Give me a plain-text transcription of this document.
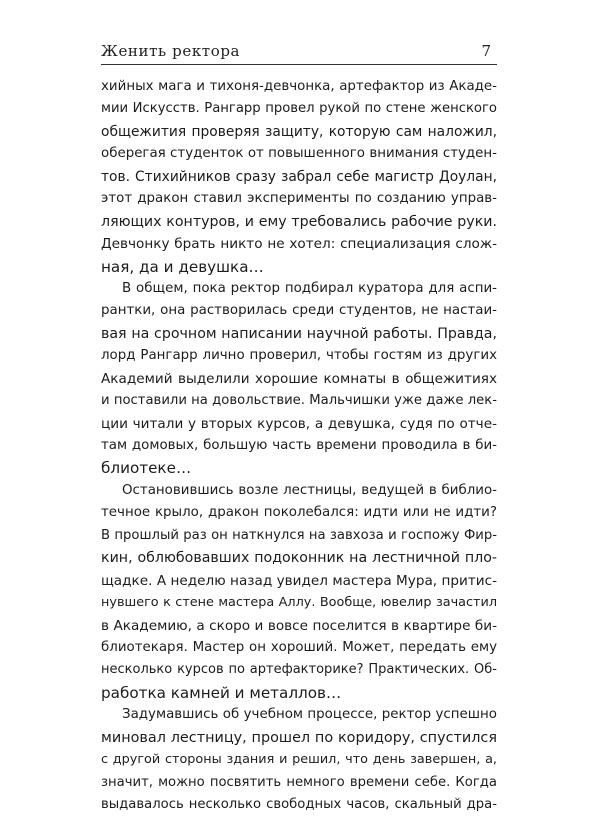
Женить ректора	7
хийных мага и тихоня-девчонка, артефактор из Акаде-
мии Искусств. Рангарр провел рукой по стене женского
общежития проверяя защиту, которую сам наложил,
оберегая студенток от повышенного внимания студен-
тов. Стихийников сразу забрал себе магистр Доулан,
этот дракон ставил эксперименты по созданию управ-
ляющих контуров, и ему требовались рабочие руки.
Девчонку брать никто не хотел: специализация слож-
ная, да и девушка…
В общем, пока ректор подбирал куратора для аспи-
рантки, она растворилась среди студентов, не настаи-
вая на срочном написании научной работы. Правда,
лорд Рангарр лично проверил, чтобы гостям из других
Академий выделили хорошие комнаты в общежитиях
и поставили на довольствие. Мальчишки уже даже лек-
ции читали у вторых курсов, а девушка, судя по отче-
там домовых, большую часть времени проводила в би-
блиотеке…
Остановившись возле лестницы, ведущей в библио-
течное крыло, дракон поколебался: идти или не идти?
В прошлый раз он наткнулся на завхоза и госпожу Фир-
кин, облюбовавших подоконник на лестничной пло-
щадке. А неделю назад увидел мастера Мура, притис-
нувшего к стене мастера Аллу. Вообще, ювелир зачастил
в Академию, а скоро и вовсе поселится в квартире би-
блиотекаря. Мастер он хороший. Может, передать ему
несколько курсов по артефакторике? Практических. Об-
работка камней и металлов…
Задумавшись об учебном процессе, ректор успешно
миновал лестницу, прошел по коридору, спустился
с другой стороны здания и решил, что день завершен, а,
значит, можно посвятить немного времени себе. Когда
выдавалось несколько свободных часов, скальный дра-
